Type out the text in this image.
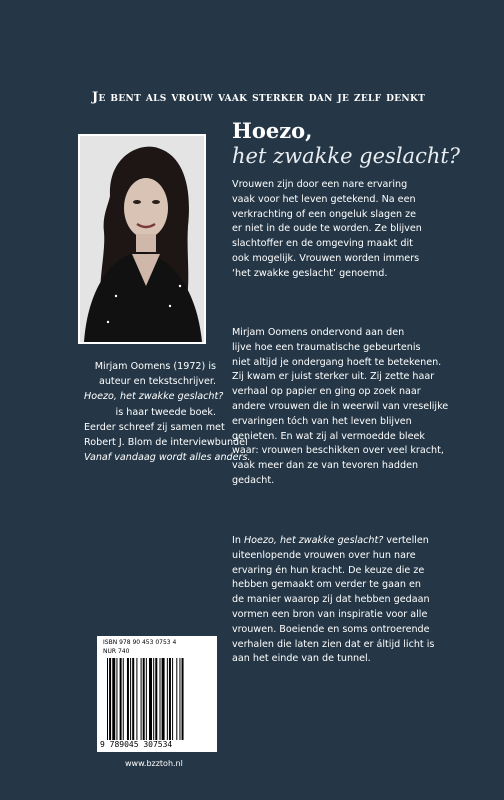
Je bent als vrouw vaak sterker dan je zelf denkt
Hoezo,
het zwakke geslacht?
Mirjam Oomens (1972) is
auteur en tekstschrijver.
Hoezo, het zwakke geslacht?
is haar tweede boek.
Eerder schreef zij samen met
Robert J. Blom de interviewbundel
Vanaf vandaag wordt alles anders.
Vrouwen zijn door een nare ervaring
vaak voor het leven getekend. Na een
verkrachting of een ongeluk slagen ze
er niet in de oude te worden. Ze blijven
slachtoffer en de omgeving maakt dit
ook mogelijk. Vrouwen worden immers
‘het zwakke geslacht’ genoemd.
Mirjam Oomens ondervond aan den
lijve hoe een traumatische gebeurtenis
niet altijd je ondergang hoeft te betekenen.
Zij kwam er juist sterker uit. Zij zette haar
verhaal op papier en ging op zoek naar
andere vrouwen die in weerwil van vreselijke
ervaringen tóch van het leven blijven
genieten. En wat zij al vermoedde bleek
waar: vrouwen beschikken over veel kracht,
vaak meer dan ze van tevoren hadden
gedacht.
In Hoezo, het zwakke geslacht? vertellen
uiteenlopende vrouwen over hun nare
ervaring én hun kracht. De keuze die ze
hebben gemaakt om verder te gaan en
de manier waarop zij dat hebben gedaan
vormen een bron van inspiratie voor alle
vrouwen. Boeiende en soms ontroerende
verhalen die laten zien dat er áltijd licht is
aan het einde van de tunnel.
ISBN 978 90 453 0753 4
NUR 740
9 789045 307534
www.bzztoh.nl
